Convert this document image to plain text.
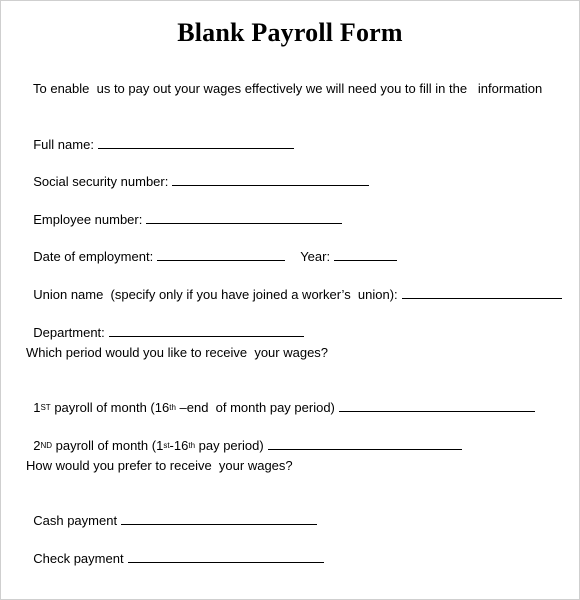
Blank Payroll Form
To enable  us to pay out your wages effectively we will need you to fill in the   information

Full name:

Social security number:

Employee number:

Date of employment:	Year:

Union name  (specify only if you have joined a worker’s  union):

Department:

Which period would you like to receive  your wages?

1ST payroll of month (16th –end  of month pay period)

2ND payroll of month (1st-16th pay period)

How would you prefer to receive  your wages?

Cash payment

Check payment
